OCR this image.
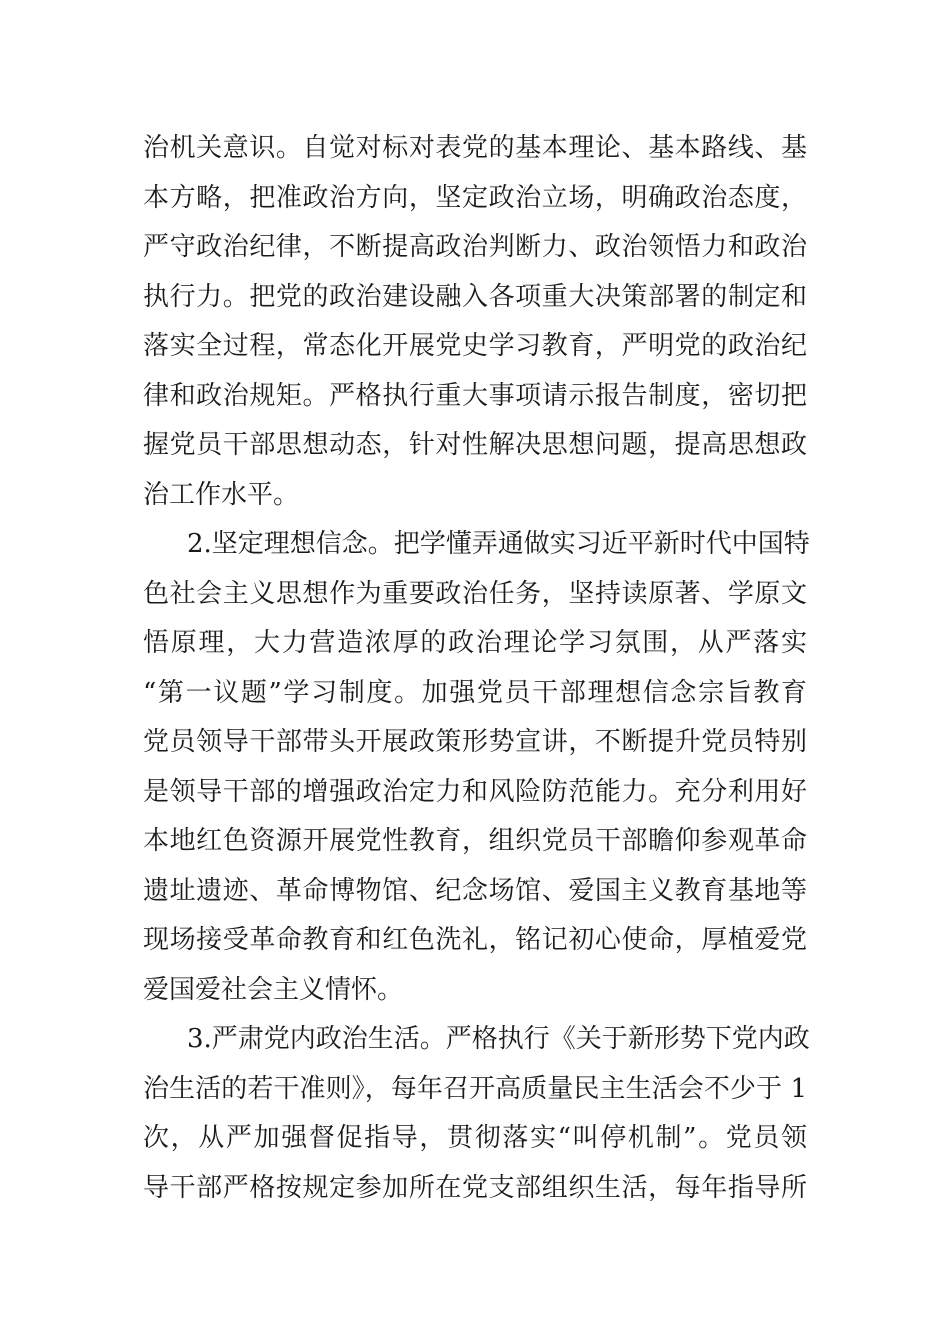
治机关意识。自觉对标对表党的基本理论、基本路线、基
本方略，把准政治方向，坚定政治立场，明确政治态度，
严守政治纪律，不断提高政治判断力、政治领悟力和政治
执行力。把党的政治建设融入各项重大决策部署的制定和
落实全过程，常态化开展党史学习教育，严明党的政治纪
律和政治规矩。严格执行重大事项请示报告制度，密切把
握党员干部思想动态，针对性解决思想问题，提高思想政
治工作水平。
2.坚定理想信念。把学懂弄通做实习近平新时代中国特
色社会主义思想作为重要政治任务，坚持读原著、学原文
悟原理，大力营造浓厚的政治理论学习氛围，从严落实
“第一议题”学习制度。加强党员干部理想信念宗旨教育
党员领导干部带头开展政策形势宣讲，不断提升党员特别
是领导干部的增强政治定力和风险防范能力。充分利用好
本地红色资源开展党性教育，组织党员干部瞻仰参观革命
遗址遗迹、革命博物馆、纪念场馆、爱国主义教育基地等
现场接受革命教育和红色洗礼，铭记初心使命，厚植爱党
爱国爱社会主义情怀。
3.严肃党内政治生活。严格执行《关于新形势下党内政
治生活的若干准则》，每年召开高质量民主生活会不少于 1
次，从严加强督促指导，贯彻落实“叫停机制”。党员领
导干部严格按规定参加所在党支部组织生活，每年指导所
